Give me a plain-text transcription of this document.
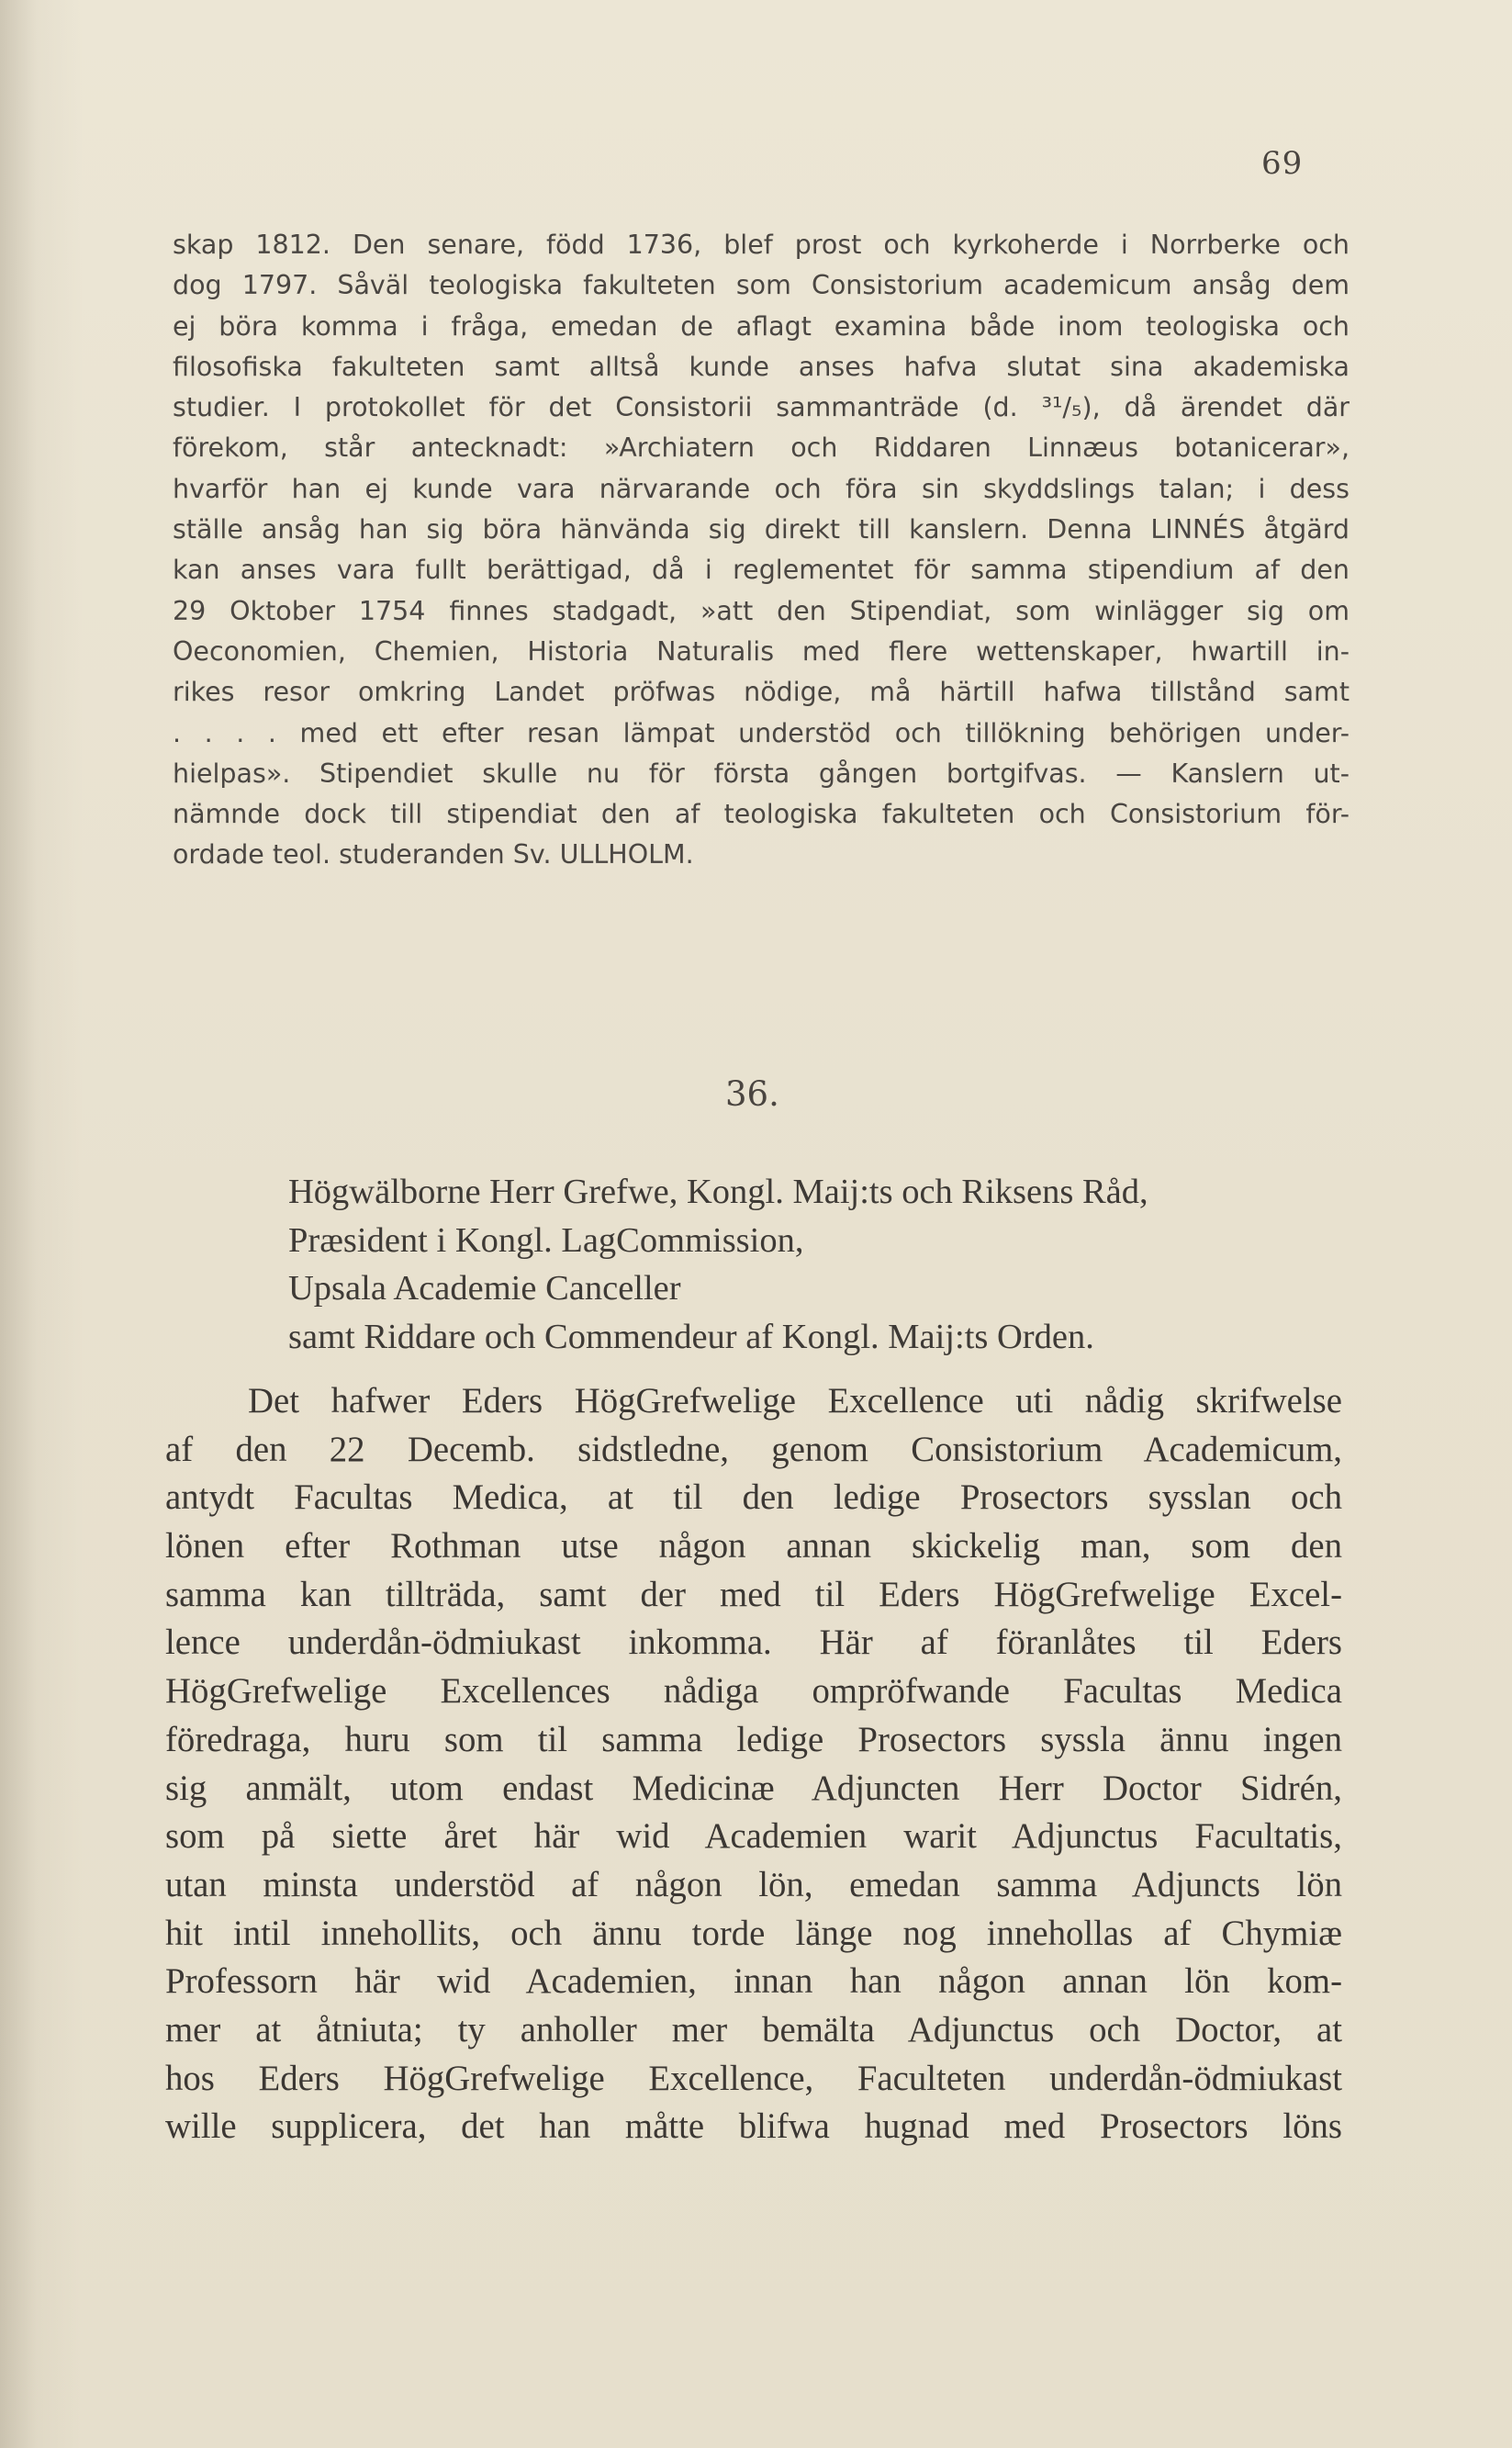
69
skap 1812. Den senare, född 1736, blef prost och kyrkoherde i Norrberke och
dog 1797. Såväl teologiska fakulteten som Consistorium academicum ansåg dem
ej böra komma i fråga, emedan de aflagt examina både inom teologiska och
filosofiska fakulteten samt alltså kunde anses hafva slutat sina akademiska
studier. I protokollet för det Consistorii sammanträde (d. ³¹/₅), då ärendet där
förekom, står antecknadt: »Archiatern och Riddaren Linnæus botanicerar»,
hvarför han ej kunde vara närvarande och föra sin skyddslings talan; i dess
ställe ansåg han sig böra hänvända sig direkt till kanslern. Denna LINNÉS åtgärd
kan anses vara fullt berättigad, då i reglementet för samma stipendium af den
29 Oktober 1754 finnes stadgadt, »att den Stipendiat, som winlägger sig om
Oeconomien, Chemien, Historia Naturalis med flere wettenskaper, hwartill in-
rikes resor omkring Landet pröfwas nödige, må härtill hafwa tillstånd samt
. . . . med ett efter resan lämpat understöd och tillökning behörigen under-
hielpas». Stipendiet skulle nu för första gången bortgifvas. — Kanslern ut-
nämnde dock till stipendiat den af teologiska fakulteten och Consistorium för-
ordade teol. studeranden Sv. ULLHOLM.
36.
Högwälborne Herr Grefwe, Kongl. Maij:ts och Riksens Råd,
Præsident i Kongl. LagCommission,
Upsala Academie Canceller
samt Riddare och Commendeur af Kongl. Maij:ts Orden.
Det hafwer Eders HögGrefwelige Excellence uti nådig skrifwelse
af den 22 Decemb. sidstledne, genom Consistorium Academicum,
antydt Facultas Medica, at til den ledige Prosectors sysslan och
lönen efter Rothman utse någon annan skickelig man, som den
samma kan tillträda, samt der med til Eders HögGrefwelige Excel-
lence underdån-ödmiukast inkomma. Här af föranlåtes til Eders
HögGrefwelige Excellences nådiga ompröfwande Facultas Medica
föredraga, huru som til samma ledige Prosectors syssla ännu ingen
sig anmält, utom endast Medicinæ Adjuncten Herr Doctor Sidrén,
som på siette året här wid Academien warit Adjunctus Facultatis,
utan minsta understöd af någon lön, emedan samma Adjuncts lön
hit intil innehollits, och ännu torde länge nog innehollas af Chymiæ
Professorn här wid Academien, innan han någon annan lön kom-
mer at åtniuta; ty anholler mer bemälta Adjunctus och Doctor, at
hos Eders HögGrefwelige Excellence, Faculteten underdån-ödmiukast
wille supplicera, det han måtte blifwa hugnad med Prosectors löns
